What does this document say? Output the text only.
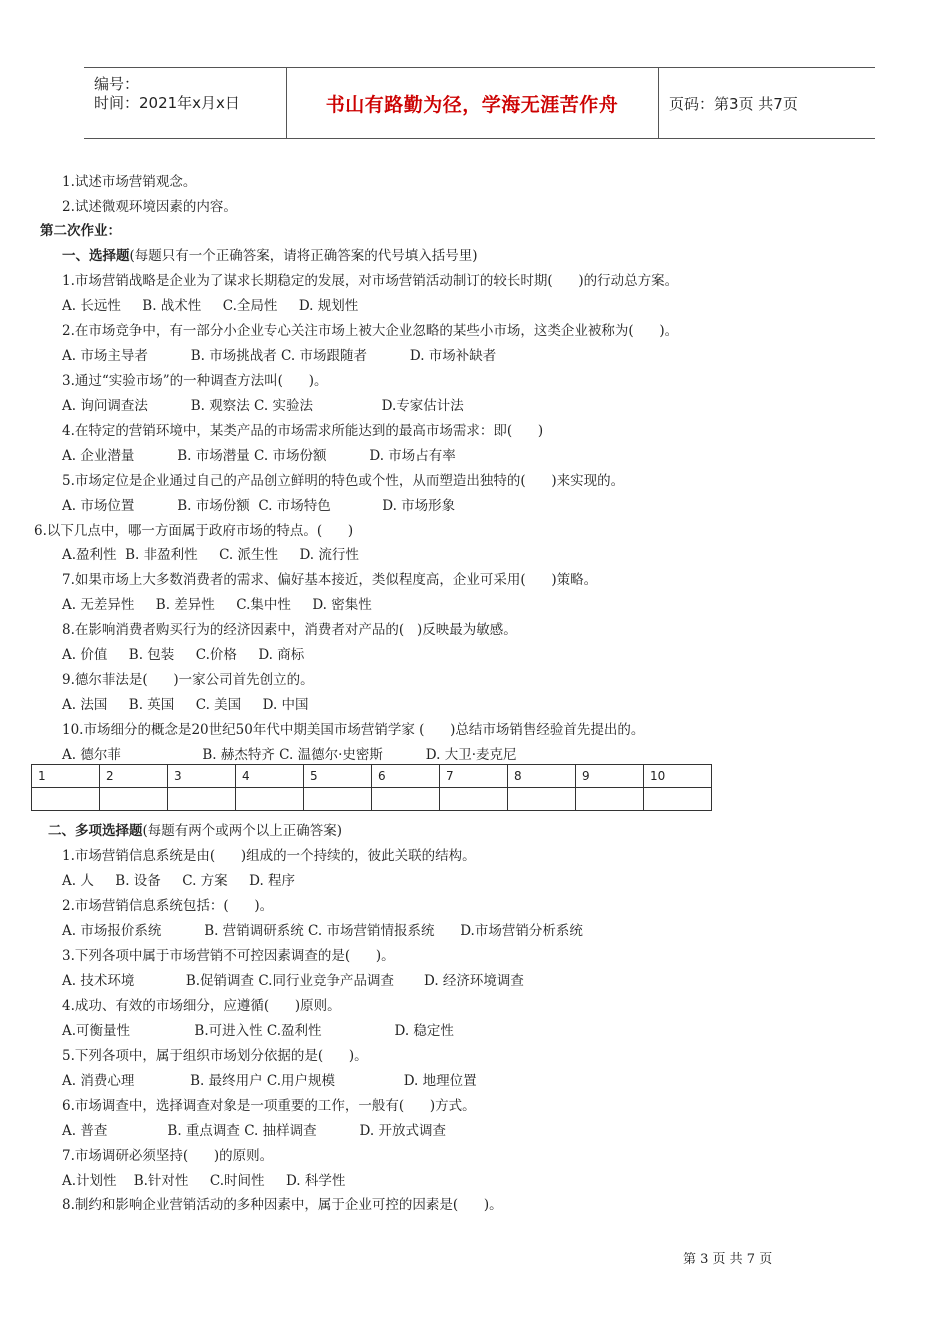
编号：
时间：2021年x月x日	书山有路勤为径，学海无涯苦作舟	页码：第3页 共7页
1.试述市场营销观念。
2.试述微观环境因素的内容。
第二次作业：
一、选择题(每题只有一个正确答案，请将正确答案的代号填入括号里)
1.市场营销战略是企业为了谋求长期稳定的发展，对市场营销活动制订的较长时期(      )的行动总方案。
A. 长远性     B. 战术性     C.全局性     D. 规划性
2.在市场竞争中，有一部分小企业专心关注市场上被大企业忽略的某些小市场，这类企业被称为(      )。
A. 市场主导者          B. 市场挑战者 C. 市场跟随者          D. 市场补缺者
3.通过“实验市场”的一种调查方法叫(      )。
A. 询问调查法          B. 观察法 C. 实验法                D.专家估计法
4.在特定的营销环境中，某类产品的市场需求所能达到的最高市场需求：即(      )
A. 企业潜量          B. 市场潜量 C. 市场份额          D. 市场占有率
5.市场定位是企业通过自己的产品创立鲜明的特色或个性，从而塑造出独特的(      )来实现的。
A. 市场位置          B. 市场份额  C. 市场特色            D. 市场形象
6.以下几点中，哪一方面属于政府市场的特点。(      )
A.盈利性  B. 非盈利性     C. 派生性     D. 流行性
7.如果市场上大多数消费者的需求、偏好基本接近，类似程度高，企业可采用(      )策略。
A. 无差异性     B. 差异性     C.集中性     D. 密集性
8.在影响消费者购买行为的经济因素中，消费者对产品的(   )反映最为敏感。
A. 价值     B. 包装     C.价格     D. 商标
9.德尔菲法是(      )一家公司首先创立的。
A. 法国     B. 英国     C. 美国     D. 中国
10.市场细分的概念是20世纪50年代中期美国市场营销学家 (      )总结市场销售经验首先提出的。
A. 德尔菲                   B. 赫杰特齐 C. 温德尔·史密斯          D. 大卫·麦克尼
二、多项选择题(每题有两个或两个以上正确答案)
1.市场营销信息系统是由(      )组成的一个持续的，彼此关联的结构。
A. 人     B. 设备     C. 方案     D. 程序
2.市场营销信息系统包括：(      )。
A. 市场报价系统          B. 营销调研系统 C. 市场营销情报系统      D.市场营销分析系统
3.下列各项中属于市场营销不可控因素调查的是(      )。
A. 技术环境            B.促销调查 C.同行业竞争产品调查       D. 经济环境调查
4.成功、有效的市场细分，应遵循(      )原则。
A.可衡量性               B.可进入性 C.盈利性                 D. 稳定性
5.下列各项中，属于组织市场划分依据的是(      )。
A. 消费心理             B. 最终用户 C.用户规模                D. 地理位置
6.市场调查中，选择调查对象是一项重要的工作，一般有(      )方式。
A. 普查              B. 重点调查 C. 抽样调查          D. 开放式调查
7.市场调研必须坚持(      )的原则。
A.计划性    B.针对性     C.时间性     D. 科学性
8.制约和影响企业营销活动的多种因素中，属于企业可控的因素是(      )。
1	2	3	4	5	6	7	8	9	10

第 3 页 共 7 页
